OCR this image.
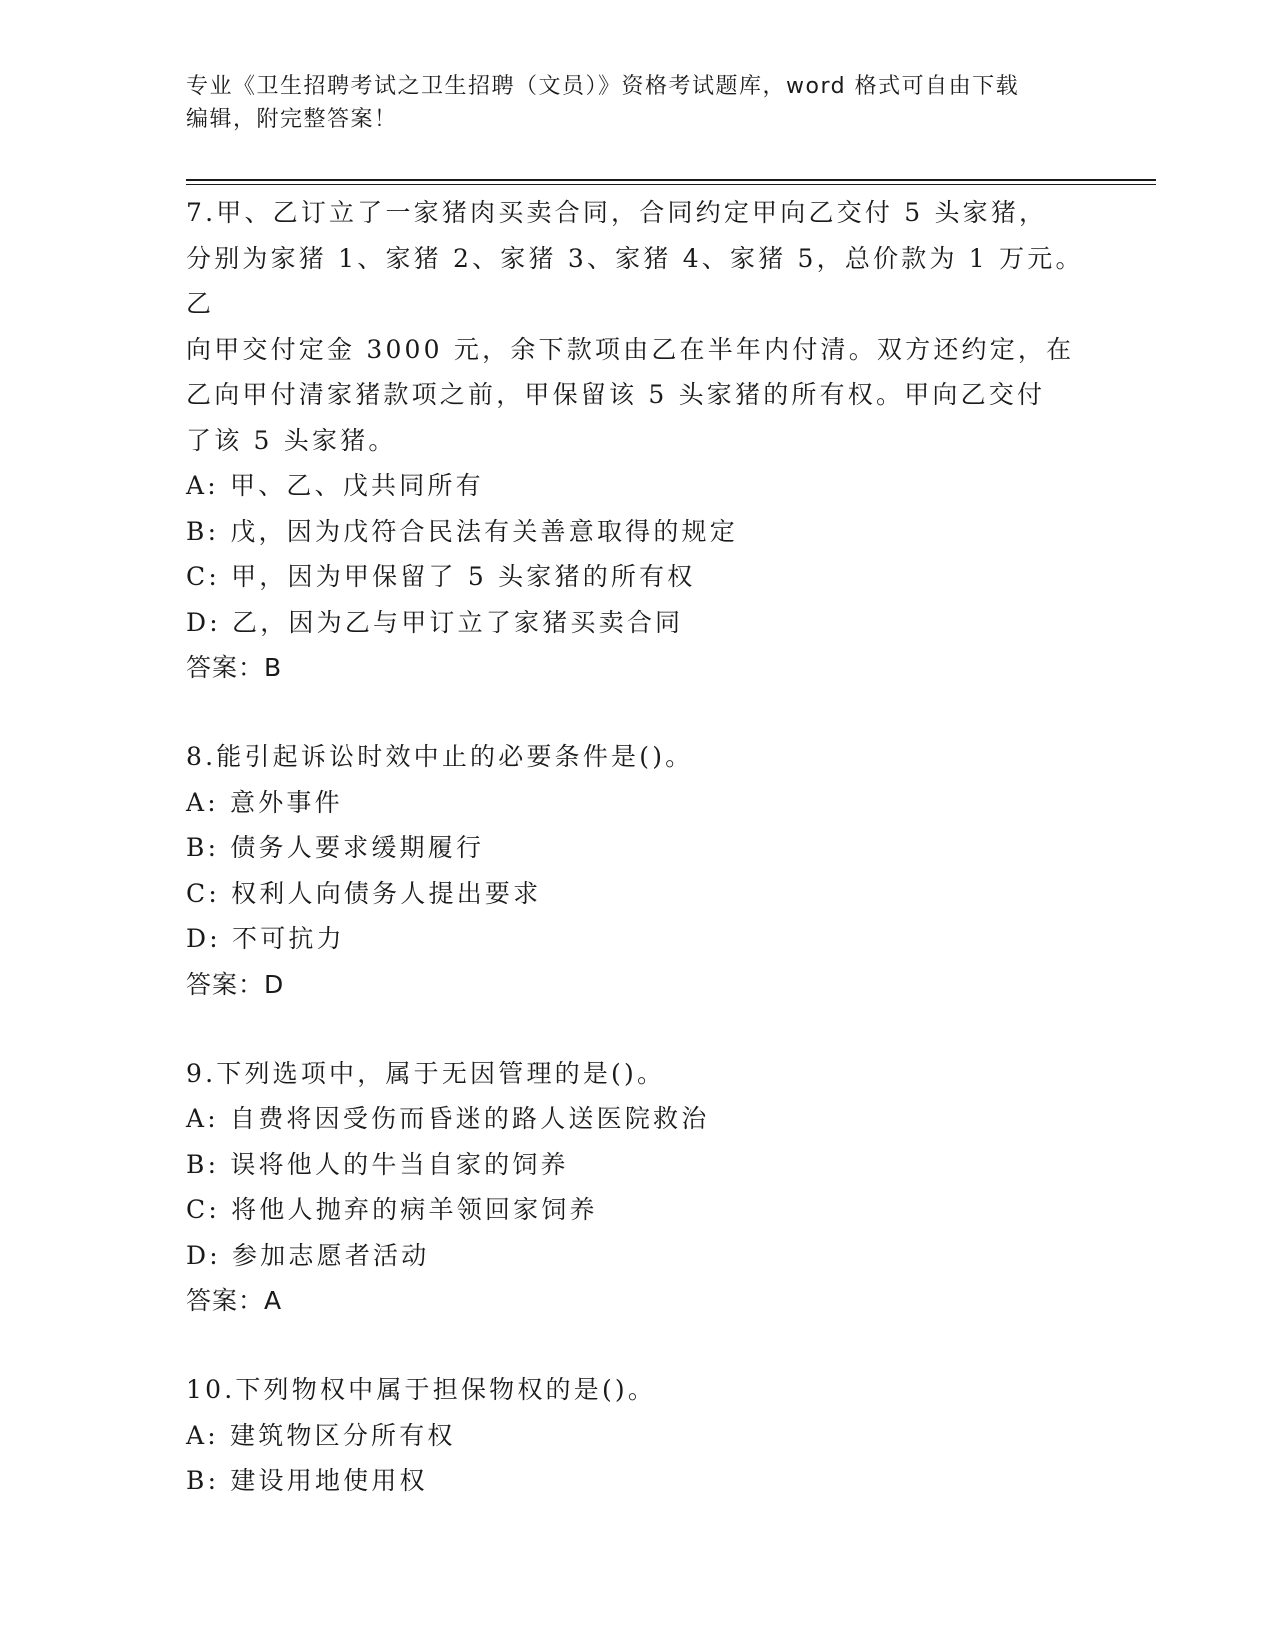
专业《卫生招聘考试之卫生招聘（文员）》资格考试题库，word 格式可自由下载
编辑，附完整答案！
7.甲、乙订立了一家猪肉买卖合同，合同约定甲向乙交付 5 头家猪，
分别为家猪 1、家猪 2、家猪 3、家猪 4、家猪 5，总价款为 1 万元。乙
向甲交付定金 3000 元，余下款项由乙在半年内付清。双方还约定，在
乙向甲付清家猪款项之前，甲保留该 5 头家猪的所有权。甲向乙交付
了该 5 头家猪。
A: 甲、乙、戊共同所有
B: 戊，因为戊符合民法有关善意取得的规定
C: 甲，因为甲保留了 5 头家猪的所有权
D: 乙，因为乙与甲订立了家猪买卖合同
答案：B
8.能引起诉讼时效中止的必要条件是()。
A: 意外事件
B: 债务人要求缓期履行
C: 权利人向债务人提出要求
D: 不可抗力
答案：D
9.下列选项中，属于无因管理的是()。
A: 自费将因受伤而昏迷的路人送医院救治
B: 误将他人的牛当自家的饲养
C: 将他人抛弃的病羊领回家饲养
D: 参加志愿者活动
答案：A
10.下列物权中属于担保物权的是()。
A: 建筑物区分所有权
B: 建设用地使用权
